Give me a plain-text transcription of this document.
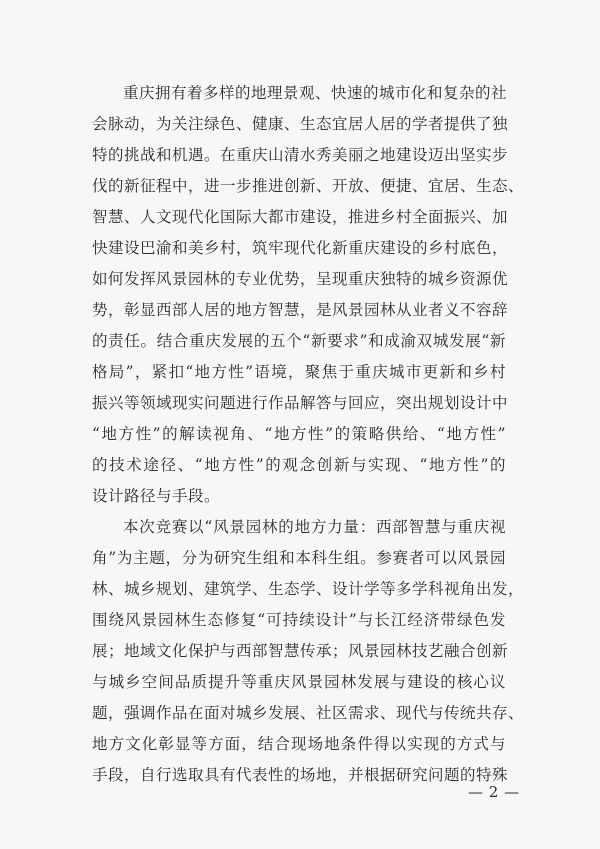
重庆拥有着多样的地理景观、快速的城市化和复杂的社
会脉动，为关注绿色、健康、生态宜居人居的学者提供了独
特的挑战和机遇。在重庆山清水秀美丽之地建设迈出坚实步
伐的新征程中，进一步推进创新、开放、便捷、宜居、生态、
智慧、人文现代化国际大都市建设，推进乡村全面振兴、加
快建设巴渝和美乡村，筑牢现代化新重庆建设的乡村底色，
如何发挥风景园林的专业优势，呈现重庆独特的城乡资源优
势，彰显西部人居的地方智慧，是风景园林从业者义不容辞
的责任。结合重庆发展的五个“新要求”和成渝双城发展“新
格局”，紧扣“地方性”语境，聚焦于重庆城市更新和乡村
振兴等领域现实问题进行作品解答与回应，突出规划设计中
“地方性”的解读视角、“地方性”的策略供给、“地方性”
的技术途径、“地方性”的观念创新与实现、“地方性”的
设计路径与手段。
本次竞赛以“风景园林的地方力量：西部智慧与重庆视
角”为主题，分为研究生组和本科生组。参赛者可以风景园
林、城乡规划、建筑学、生态学、设计学等多学科视角出发，
围绕风景园林生态修复“可持续设计”与长江经济带绿色发
展；地域文化保护与西部智慧传承；风景园林技艺融合创新
与城乡空间品质提升等重庆风景园林发展与建设的核心议
题，强调作品在面对城乡发展、社区需求、现代与传统共存、
地方文化彰显等方面，结合现场地条件得以实现的方式与
手段，自行选取具有代表性的场地，并根据研究问题的特殊
— 2 —
